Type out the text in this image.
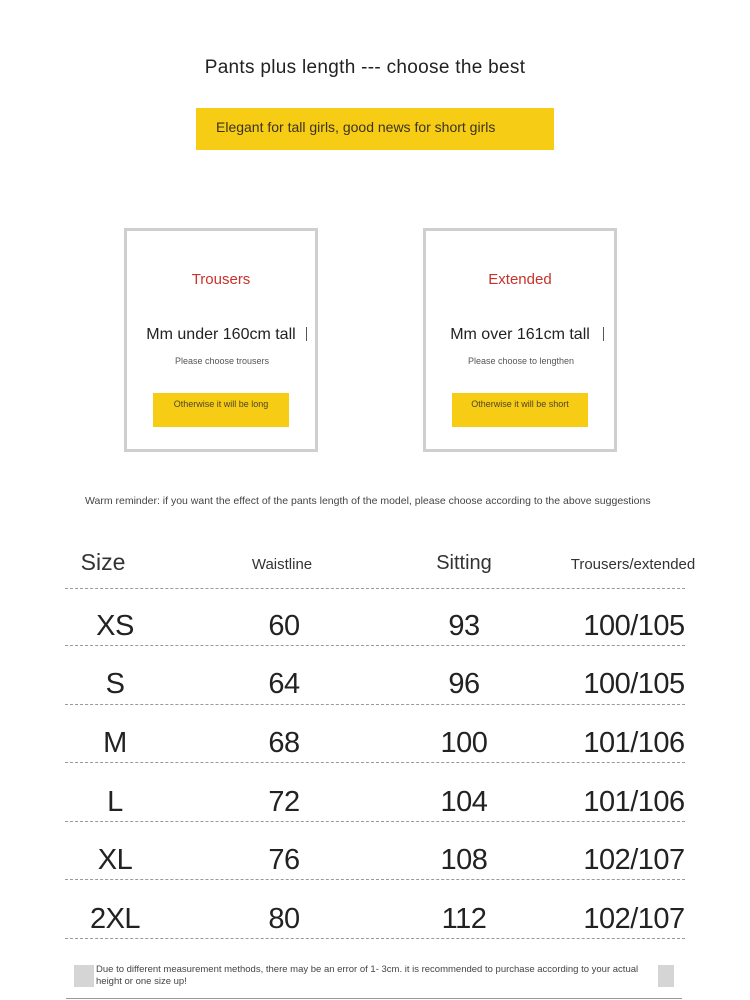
Pants plus length --- choose the best
Elegant for tall girls, good news for short girls
Trousers
Mm under 160cm tall
Please choose trousers
Otherwise it will be long
Extended
Mm over 161cm tall
Please choose to lengthen
Otherwise it will be short
Warm reminder: if you want the effect of the pants length of the model, please choose according to the above suggestions
Size	Waistline	Sitting	Trousers/extended
XS	60	93	100/105
S	64	96	100/105
M	68	100	101/106
L	72	104	101/106
XL	76	108	102/107
2XL	80	112	102/107
Due to different measurement methods, there may be an error of 1- 3cm. it is recommended to purchase according to your actual height or one size up!
